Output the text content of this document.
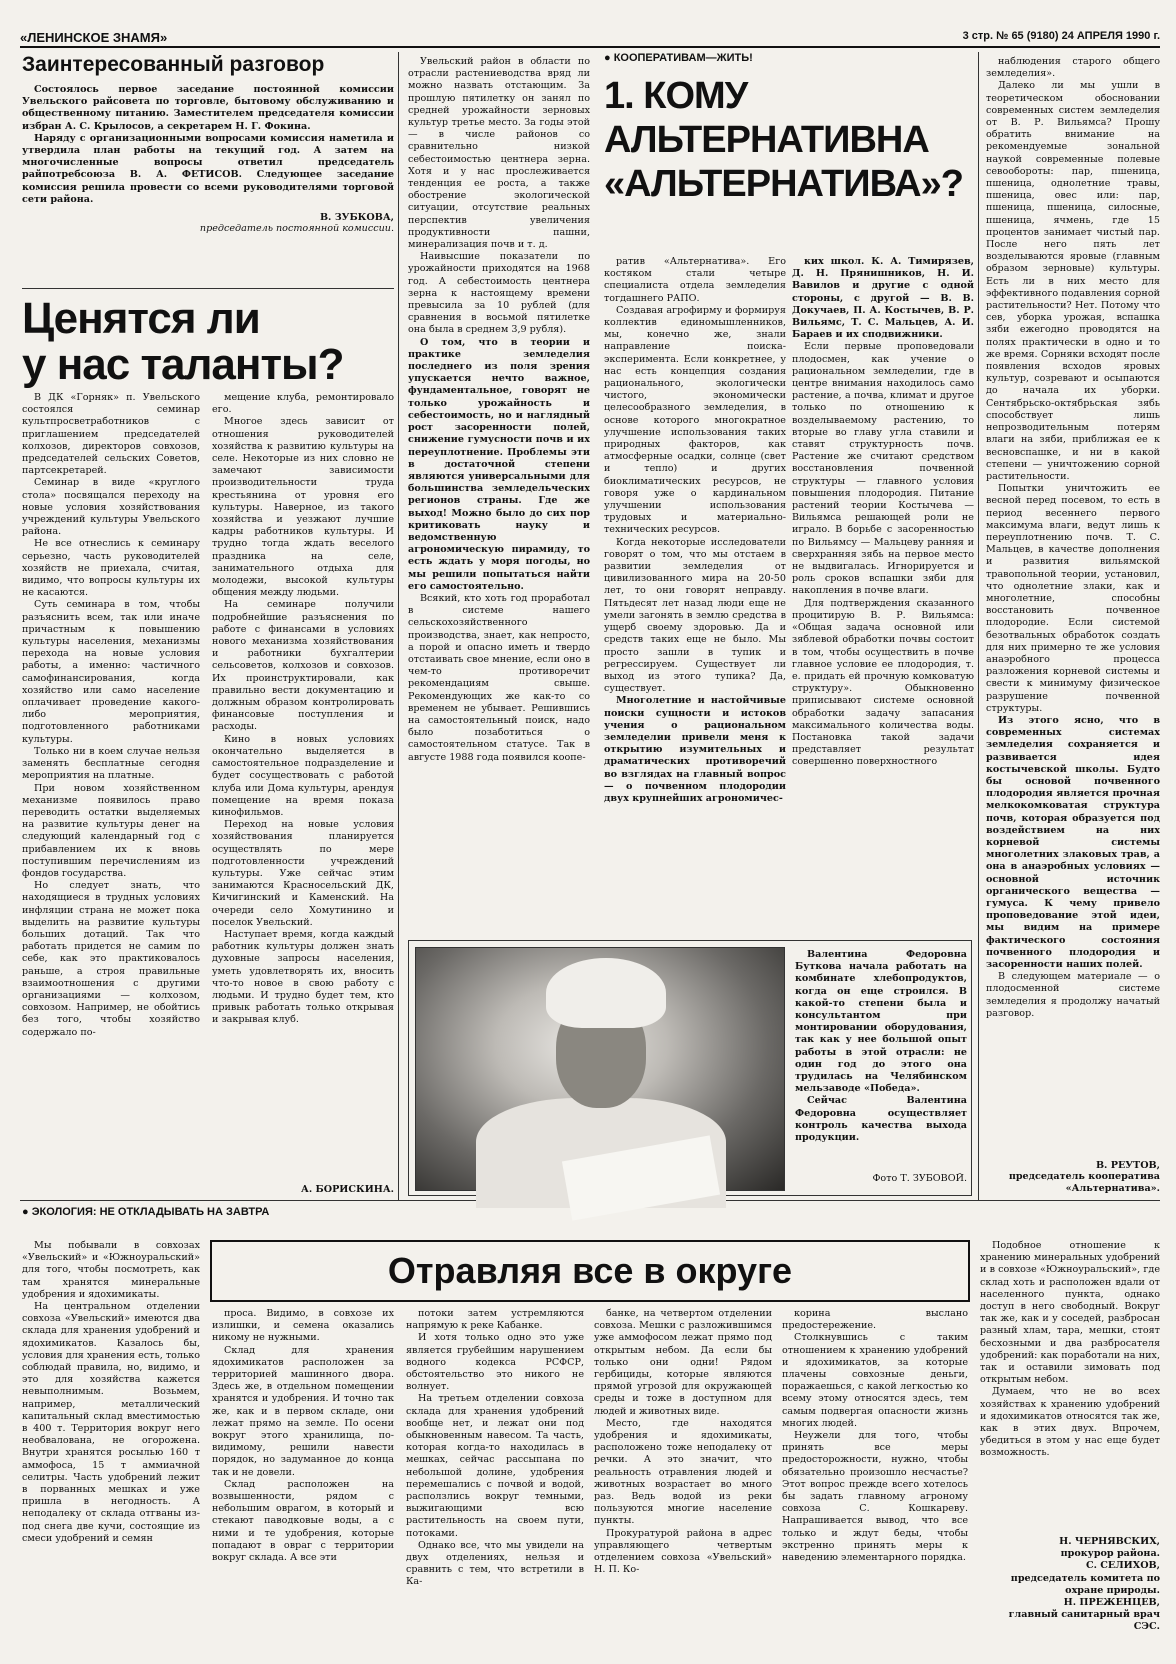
«ЛЕНИНСКОЕ ЗНАМЯ»	3 стр. № 65 (9180) 24 АПРЕЛЯ 1990 г.
Заинтересованный разговор

Состоялось первое заседание постоянной комиссии Увельского райсовета по торговле, бытовому обслуживанию и общественному питанию. Заместителем председателя комиссии избран А. С. Крылосов, а секретарем Н. Г. Фокина.

Наряду с организационными вопросами комиссия наметила и утвердила план работы на текущий год. А затем на многочисленные вопросы ответил председатель райпотребсоюза В. А. ФЕТИСОВ. Следующее заседание комиссия решила провести со всеми руководителями торговой сети района.

В. ЗУБКОВА,
председатель постоянной комиссии.
Ценятся ли
у нас таланты?

В ДК «Горняк» п. Увельского состоялся семинар культпросветработников с приглашением председателей колхозов, директоров совхозов, председателей сельских Советов, партсекретарей.

Семинар в виде «круглого стола» посвящался переходу на новые условия хозяйствования учреждений культуры Увельского района.

Не все отнеслись к семинару серьезно, часть руководителей хозяйств не приехала, считая, видимо, что вопросы культуры их не касаются.

Суть семинара в том, чтобы разъяснить всем, так или иначе причастным к повышению культуры населения, механизмы перехода на новые условия работы, а именно: частичного самофинансирования, когда хозяйство или само население оплачивает проведение какого-либо мероприятия, подготовленного работниками культуры.

Только ни в коем случае нельзя заменять бесплатные сегодня мероприятия на платные.

При новом хозяйственном механизме появилось право переводить остатки выделяемых на развитие культуры денег на следующий календарный год с прибавлением их к вновь поступившим перечислениям из фондов государства.

Но следует знать, что находящиеся в трудных условиях инфляции страна не может пока выделить на развитие культуры больших дотаций. Так что работать придется не самим по себе, как это практиковалось раньше, а строя правильные взаимоотношения с другими организациями — колхозом, совхозом. Например, не обойтись без того, чтобы хозяйство содержало по-

мещение клуба, ремонтировало его.

Многое здесь зависит от отношения руководителей хозяйства к развитию культуры на селе. Некоторые из них словно не замечают зависимости производительности труда крестьянина от уровня его культуры. Наверное, из такого хозяйства и уезжают лучшие кадры работников культуры. И трудно тогда ждать веселого праздника на селе, занимательного отдыха для молодежи, высокой культуры общения между людьми.

На семинаре получили подробнейшие разъяснения по работе с финансами в условиях нового механизма хозяйствования и работники бухгалтерии сельсоветов, колхозов и совхозов. Их проинструктировали, как правильно вести документацию и должным образом контролировать финансовые поступления и расходы.

Кино в новых условиях окончательно выделяется в самостоятельное подразделение и будет сосуществовать с работой клуба или Дома культуры, арендуя помещение на время показа кинофильмов.

Переход на новые условия хозяйствования планируется осуществлять по мере подготовленности учреждений культуры. Уже сейчас этим занимаются Красносельский ДК, Кичигинский и Каменский. На очереди село Хомутинино и поселок Увельский.

Наступает время, когда каждый работник культуры должен знать духовные запросы населения, уметь удовлетворять их, вносить что-то новое в свою работу с людьми. И трудно будет тем, кто привык работать только открывая и закрывая клуб.

А. БОРИСКИНА.
● КООПЕРАТИВАМ—ЖИТЬ!
1. КОМУ
АЛЬТЕРНАТИВНА
«АЛЬТЕРНАТИВА»?

Увельский район в области по отрасли растениеводства вряд ли можно назвать отстающим. За прошлую пятилетку он занял по средней урожайности зерновых культур третье место. За годы этой — в числе районов со сравнительно низкой себестоимостью центнера зерна. Хотя и у нас прослеживается тенденция ее роста, а также обострение экологической ситуации, отсутствие реальных перспектив увеличения продуктивности пашни, минерализация почв и т. д.

Наивысшие показатели по урожайности приходятся на 1968 год. А себестоимость центнера зерна к настоящему времени превысила за 10 рублей (для сравнения в восьмой пятилетке она была в среднем 3,9 рубля).

О том, что в теории и практике земледелия последнего из поля зрения упускается нечто важное, фундаментальное, говорят не только урожайность и себестоимость, но и наглядный рост засоренности полей, снижение гумусности почв и их переуплотнение. Проблемы эти в достаточной степени являются универсальными для большинства земледельческих регионов страны. Где же выход! Можно было до сих пор критиковать науку и ведомственную агрономическую пирамиду, то есть ждать у моря погоды, но мы решили попытаться найти его самостоятельно.

Всякий, кто хоть год проработал в системе нашего сельскохозяйственного производства, знает, как непросто, а порой и опасно иметь и твердо отстаивать свое мнение, если оно в чем-то противоречит рекомендациям свыше. Рекомендующих же как-то со временем не убывает. Решившись на самостоятельный поиск, надо было позаботиться о самостоятельном статусе. Так в августе 1988 года появился коопе-

ратив «Альтернатива». Его костяком стали четыре специалиста отдела земледелия тогдашнего РАПО.

Создавая агрофирму и формируя коллектив единомышленников, мы, конечно же, знали направление поиска-эксперимента. Если конкретнее, у нас есть концепция создания рационального, экологически чистого, экономически целесообразного земледелия, в основе которого многократное улучшение использования таких природных факторов, как атмосферные осадки, солнце (свет и тепло) и других биоклиматических ресурсов, не говоря уже о кардинальном улучшении использования трудовых и материально-технических ресурсов.

Когда некоторые исследователи говорят о том, что мы отстаем в развитии земледелия от цивилизованного мира на 20-50 лет, то они говорят неправду. Пятьдесят лет назад люди еще не умели загонять в землю средства в ущерб своему здоровью. Да и средств таких еще не было. Мы просто зашли в тупик и регрессируем. Существует ли выход из этого тупика? Да, существует.

Многолетние и настойчивые поиски сущности и истоков учения о рациональном земледелии привели меня к открытию изумительных и драматических противоречий во взглядах на главный вопрос — о почвенном плодородии двух крупнейших агрономичес-

ких школ. К. А. Тимирязев, Д. Н. Прянишников, Н. И. Вавилов и другие с одной стороны, с другой — В. В. Докучаев, П. А. Костычев, В. Р. Вильямс, Т. С. Мальцев, А. И. Бараев и их сподвижники.

Если первые проповедовали плодосмен, как учение о рациональном земледелии, где в центре внимания находилось само растение, а почва, климат и другое только по отношению к возделываемому растению, то вторые во главу угла ставили и ставят структурность почв. Растение же считают средством восстановления почвенной структуры — главного условия повышения плодородия. Питание растений теории Костычева — Вильямса решающей роли не играло. В борьбе с засоренностью по Вильямсу — Мальцеву ранняя и сверхранняя зябь на первое место не выдвигалась. Игнорируется и роль сроков вспашки зяби для накопления в почве влаги.

Для подтверждения сказанного процитирую В. Р. Вильямса: «Общая задача основной или зяблевой обработки почвы состоит в том, чтобы осуществить в почве главное условие ее плодородия, т. е. придать ей прочную комковатую структуру». Обыкновенно приписывают системе основной обработки задачу запасания максимального количества воды. Постановка такой задачи представляет результат совершенно поверхностного

наблюдения старого общего земледелия».

Далеко ли мы ушли в теоретическом обосновании современных систем земледелия от В. Р. Вильямса? Прошу обратить внимание на рекомендуемые зональной наукой современные полевые севообороты: пар, пшеница, пшеница, однолетние травы, пшеница, овес или: пар, пшеница, пшеница, силосные, пшеница, ячмень, где 15 процентов занимает чистый пар. После него пять лет возделываются яровые (главным образом зерновые) культуры. Есть ли в них место для эффективного подавления сорной растительности? Нет. Потому что сев, уборка урожая, вспашка зяби ежегодно проводятся на полях практически в одно и то же время. Сорняки всходят после появления всходов яровых культур, созревают и осыпаются до начала их уборки. Сентябрьско-октябрьская зябь способствует лишь непрозводительным потерям влаги на зяби, приближая ее к весновспашке, и ни в какой степени — уничтожению сорной растительности.

Попытки уничтожить ее весной перед посевом, то есть в период весеннего первого максимума влаги, ведут лишь к переуплотнению почв. Т. С. Мальцев, в качестве дополнения и развития вильямской травопольной теории, установил, что однолетние злаки, как и многолетние, способны восстановить почвенное плодородие. Если системой безотвальных обработок создать для них примерно те же условия анаэробного процесса разложения корневой системы и свести к минимуму физическое разрушение почвенной структуры.

Из этого ясно, что в современных системах земледелия сохраняется и развивается идея костычевской школы. Будто бы основой почвенного плодородия является прочная мелкокомковатая структура почв, которая образуется под воздействием на них корневой системы многолетних злаковых трав, а она в анаэробных условиях — основной источник органического вещества — гумуса. К чему привело проповедование этой идеи, мы видим на примере фактического состояния почвенного плодородия и засоренности наших полей.

В следующем материале — о плодосменной системе земледелия я продолжу начатый разговор.

В. РЕУТОВ,
председатель кооператива «Альтернатива».

Валентина Федоровна Буткова начала работать на комбинате хлебопродуктов, когда он еще строился. В какой-то степени была и консультантом при монтировании оборудования, так как у нее большой опыт работы в этой отрасли: не один год до этого она трудилась на Челябинском мельзаводе «Победа».

Сейчас Валентина Федоровна осуществляет контроль качества выхода продукции.

Фото Т. ЗУБОВОЙ.
● ЭКОЛОГИЯ: НЕ ОТКЛАДЫВАТЬ НА ЗАВТРА
Отравляя все в округе

Мы побывали в совхозах «Увельский» и «Южноуральский» для того, чтобы посмотреть, как там хранятся минеральные удобрения и ядохимикаты.

На центральном отделении совхоза «Увельский» имеются два склада для хранения удобрений и ядохимикатов. Казалось бы, условия для хранения есть, только соблюдай правила, но, видимо, и это для хозяйства кажется невыполнимым. Возьмем, например, металлический капитальный склад вместимостью в 400 т. Территория вокруг него необвалована, не огорожена. Внутри хранятся росылью 160 т аммофоса, 15 т аммиачной селитры. Часть удобрений лежит в порванных мешках и уже пришла в негодность. А неподалеку от склада отгваны из-под снега две кучи, состоящие из смеси удобрений и семян

проса. Видимо, в совхозе их излишки, и семена оказались никому не нужными.

Склад для хранения ядохимикатов расположен за территорией машинного двора. Здесь же, в отдельном помещении хранятся и удобрения. И точно так же, как и в первом складе, они лежат прямо на земле. По осени вокруг этого хранилища, по-видимому, решили навести порядок, но задуманное до конца так и не довели.

Склад расположен на возвышенности, рядом с небольшим оврагом, в который и стекают паводковые воды, а с ними и те удобрения, которые попадают в овраг с территории вокруг склада. А все эти

потоки затем устремляются напрямую к реке Кабанке.

И хотя только одно это уже является грубейшим нарушением водного кодекса РСФСР, обстоятельство это никого не волнует.

На третьем отделении совхоза склада для хранения удобрений вообще нет, и лежат они под обыкновенным навесом. Та часть, которая когда-то находилась в мешках, сейчас рассыпана по небольшой долине, удобрения перемешались с почвой и водой, расползлись вокруг темными, выжигающими всю растительность на своем пути, потоками.

Однако все, что мы увидели на двух отделениях, нельзя и сравнить с тем, что встретили в Ка-

банке, на четвертом отделении совхоза. Мешки с разложившимся уже аммофосом лежат прямо под открытым небом. Да если бы только они одни! Рядом гербициды, которые являются прямой угрозой для окружающей среды и тоже в доступном для людей и животных виде.

Место, где находятся удобрения и ядохимикаты, расположено тоже неподалеку от речки. А это значит, что реальность отравления людей и животных возрастает во много раз. Ведь водой из реки пользуются многие население пункты.

Прокуратурой района в адрес управляющего четвертым отделением совхоза «Увельский» Н. П. Ко-

корина выслано предостережение.

Столкнувшись с таким отношением к хранению удобрений и ядохимикатов, за которые плачены совхозные деньги, поражаешься, с какой легкостью ко всему этому относятся здесь, тем самым подвергая опасности жизнь многих людей.

Неужели для того, чтобы принять все меры предосторожности, нужно, чтобы обязательно произошло несчастье? Этот вопрос прежде всего хотелось бы задать главному агроному совхоза С. Кошкареву. Напрашивается вывод, что все только и ждут беды, чтобы экстренно принять меры к наведению элементарного порядка.

Подобное отношение к хранению минеральных удобрений и в совхозе «Южноуральский», где склад хоть и расположен вдали от населенного пункта, однако доступ в него свободный. Вокруг так же, как и у соседей, разбросан разный хлам, тара, мешки, стоят бесхозными и два разбросателя удобрений: как поработали на них, так и оставили зимовать под открытым небом.

Думаем, что не во всех хозяйствах к хранению удобрений и ядохимикатов относятся так же, как в этих двух. Впрочем, убедиться в этом у нас еще будет возможность.

Н. ЧЕРНЯВСКИХ,
прокурор района.
С. СЕЛИХОВ,
председатель комитета по охране природы.
Н. ПРЕЖЕНЦЕВ,
главный санитарный врач СЭС.
